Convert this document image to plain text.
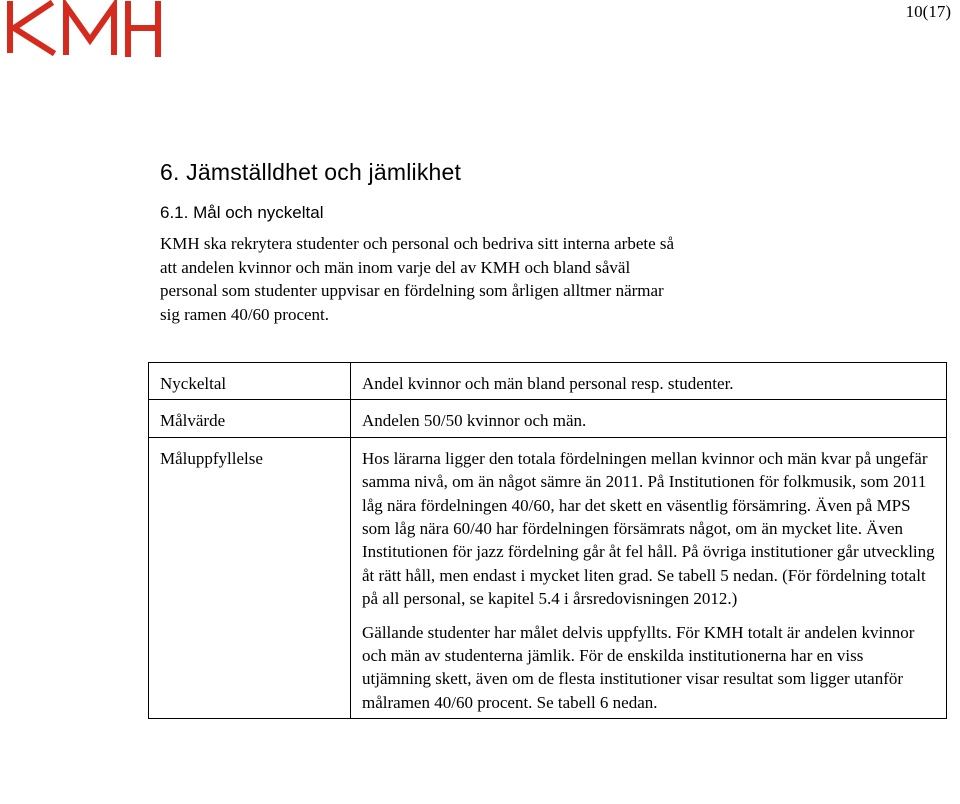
10(17)
6. Jämställdhet och jämlikhet
6.1. Mål och nyckeltal
KMH ska rekrytera studenter och personal och bedriva sitt interna arbete så
att andelen kvinnor och män inom varje del av KMH och bland såväl
personal som studenter uppvisar en fördelning som årligen alltmer närmar
sig ramen 40/60 procent.
Nyckeltal	Andel kvinnor och män bland personal resp. studenter.

Målvärde	Andelen 50/50 kvinnor och män.

Måluppfyllelse	Hos lärarna ligger den totala fördelningen mellan kvinnor och män kvar på ungefär samma nivå, om än något sämre än 2011. På Institutionen för folkmusik, som 2011 låg nära fördelningen 40/60, har det skett en väsentlig försämring. Även på MPS som låg nära 60/40 har fördelningen försämrats något, om än mycket lite. Även Institutionen för jazz fördelning går åt fel håll. På övriga institutioner går utveckling åt rätt håll, men endast i mycket liten grad. Se tabell 5 nedan. (För fördelning totalt på all personal, se kapitel 5.4 i årsredovisningen 2012.)

Gällande studenter har målet delvis uppfyllts. För KMH totalt är andelen kvinnor och män av studenterna jämlik. För de enskilda institutionerna har en viss utjämning skett, även om de flesta institutioner visar resultat som ligger utanför målramen 40/60 procent. Se tabell 6 nedan.
